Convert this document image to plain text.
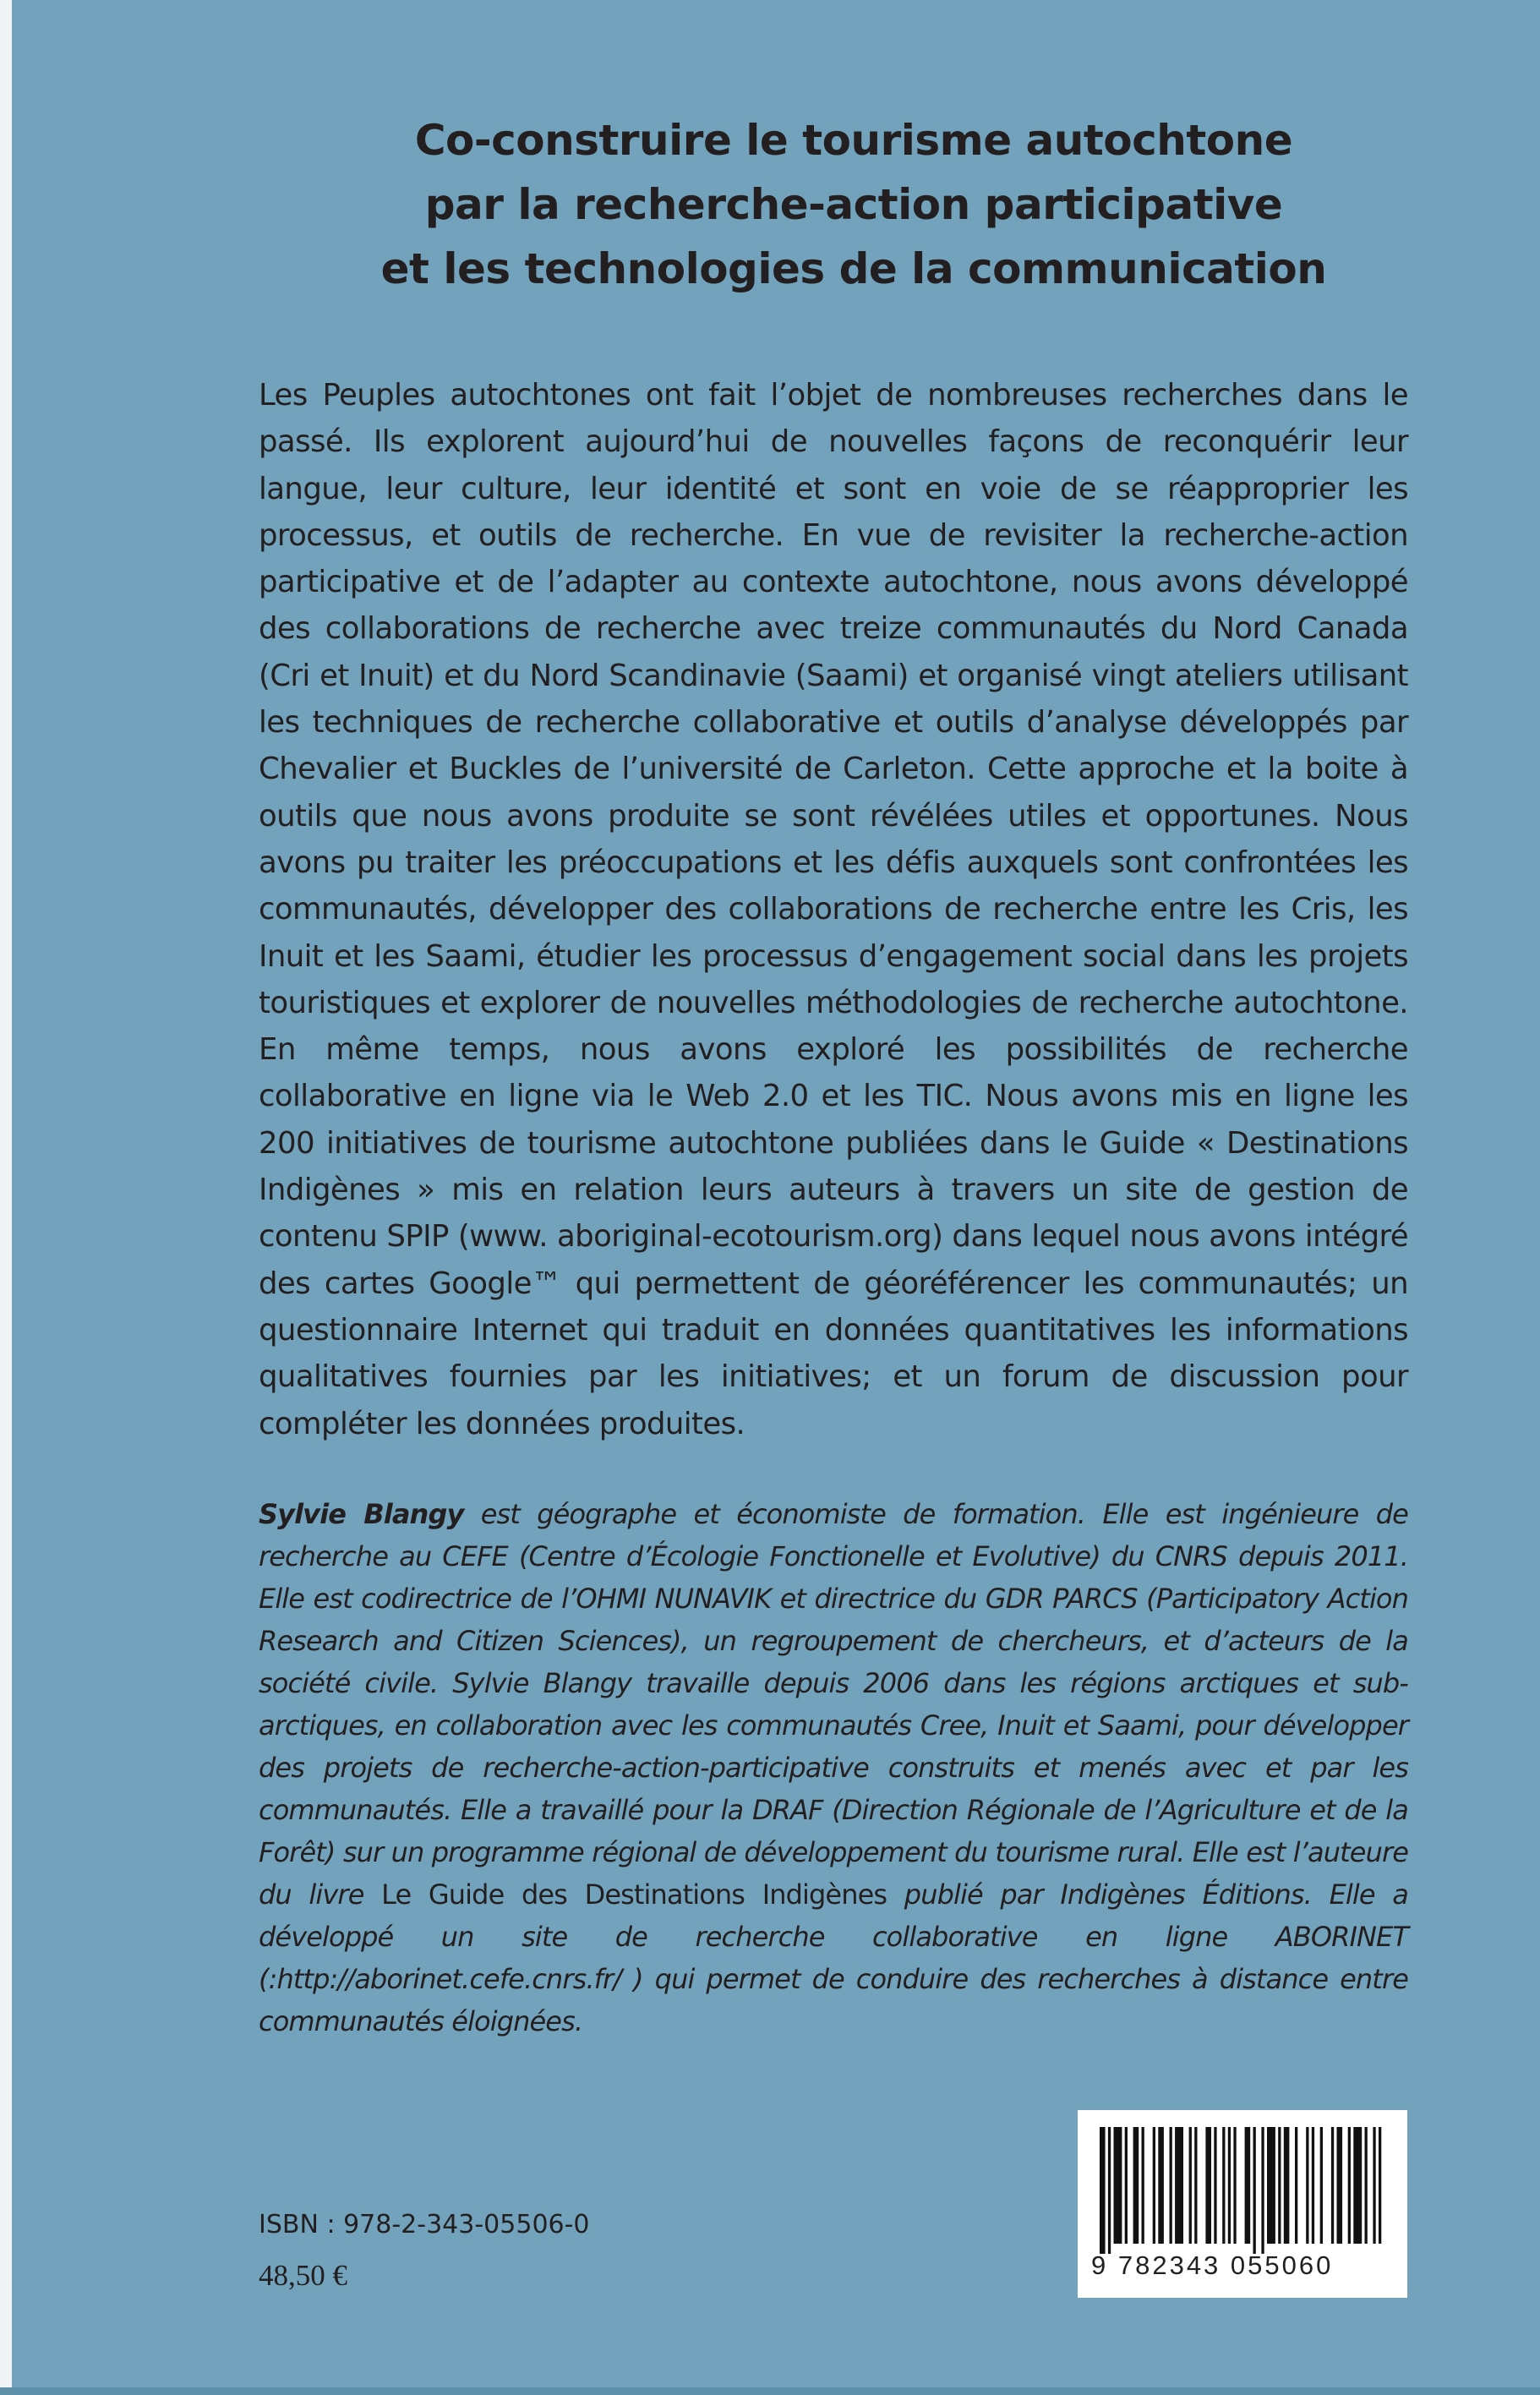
Co-construire le tourisme autochtone
par la recherche-action participative
et les technologies de la communication
Les Peuples autochtones ont fait l’objet de nombreuses recherches dans le passé. Ils explorent aujourd’hui de nouvelles façons de reconquérir leur langue, leur culture, leur identité et sont en voie de se réapproprier les processus, et outils de recherche. En vue de revisiter la recherche-action participative et de l’adapter au contexte autochtone, nous avons développé des collaborations de recherche avec treize communautés du Nord Canada (Cri et Inuit) et du Nord Scandinavie (Saami) et organisé vingt ateliers utilisant les techniques de recherche collaborative et outils d’analyse développés par Chevalier et Buckles de l’université de Carleton. Cette approche et la boite à outils que nous avons produite se sont révélées utiles et opportunes. Nous avons pu traiter les préoccupations et les défis auxquels sont confrontées les communautés, développer des collaborations de recherche entre les Cris, les Inuit et les Saami, étudier les processus d’engagement social dans les projets touristiques et explorer de nouvelles méthodologies de recherche autochtone. En même temps, nous avons exploré les possibilités de recherche collaborative en ligne via le Web 2.0 et les TIC. Nous avons mis en ligne les 200 initiatives de tourisme autochtone publiées dans le Guide « Destinations Indigènes » mis en relation leurs auteurs à travers un site de gestion de contenu SPIP (www. aboriginal-ecotourism.org) dans lequel nous avons intégré des cartes Google™ qui permettent de géoréférencer les communautés; un questionnaire Internet qui traduit en données quantitatives les informations qualitatives fournies par les initiatives; et un forum de discussion pour compléter les données produites.
Sylvie Blangy est géographe et économiste de formation. Elle est ingénieure de recherche au CEFE (Centre d’Écologie Fonctionelle et Evolutive) du CNRS depuis 2011. Elle est codirectrice de l’OHMI NUNAVIK et directrice du GDR PARCS (Participatory Action Research and Citizen Sciences), un regroupement de chercheurs, et d’acteurs de la société civile. Sylvie Blangy travaille depuis 2006 dans les régions arctiques et sub-arctiques, en collaboration avec les communautés Cree, Inuit et Saami, pour développer des projets de recherche-action-participative construits et menés avec et par les communautés. Elle a travaillé pour la DRAF (Direction Régionale de l’Agriculture et de la Forêt) sur un programme régional de développement du tourisme rural. Elle est l’auteure du livre Le Guide des Destinations Indigènes publié par Indigènes Éditions. Elle a développé un site de recherche collaborative en ligne ABORINET (:http://aborinet.cefe.cnrs.fr/ ) qui permet de conduire des recherches à distance entre communautés éloignées.
ISBN : 978-2-343-05506-0
48,50 €	9 782343 055060
